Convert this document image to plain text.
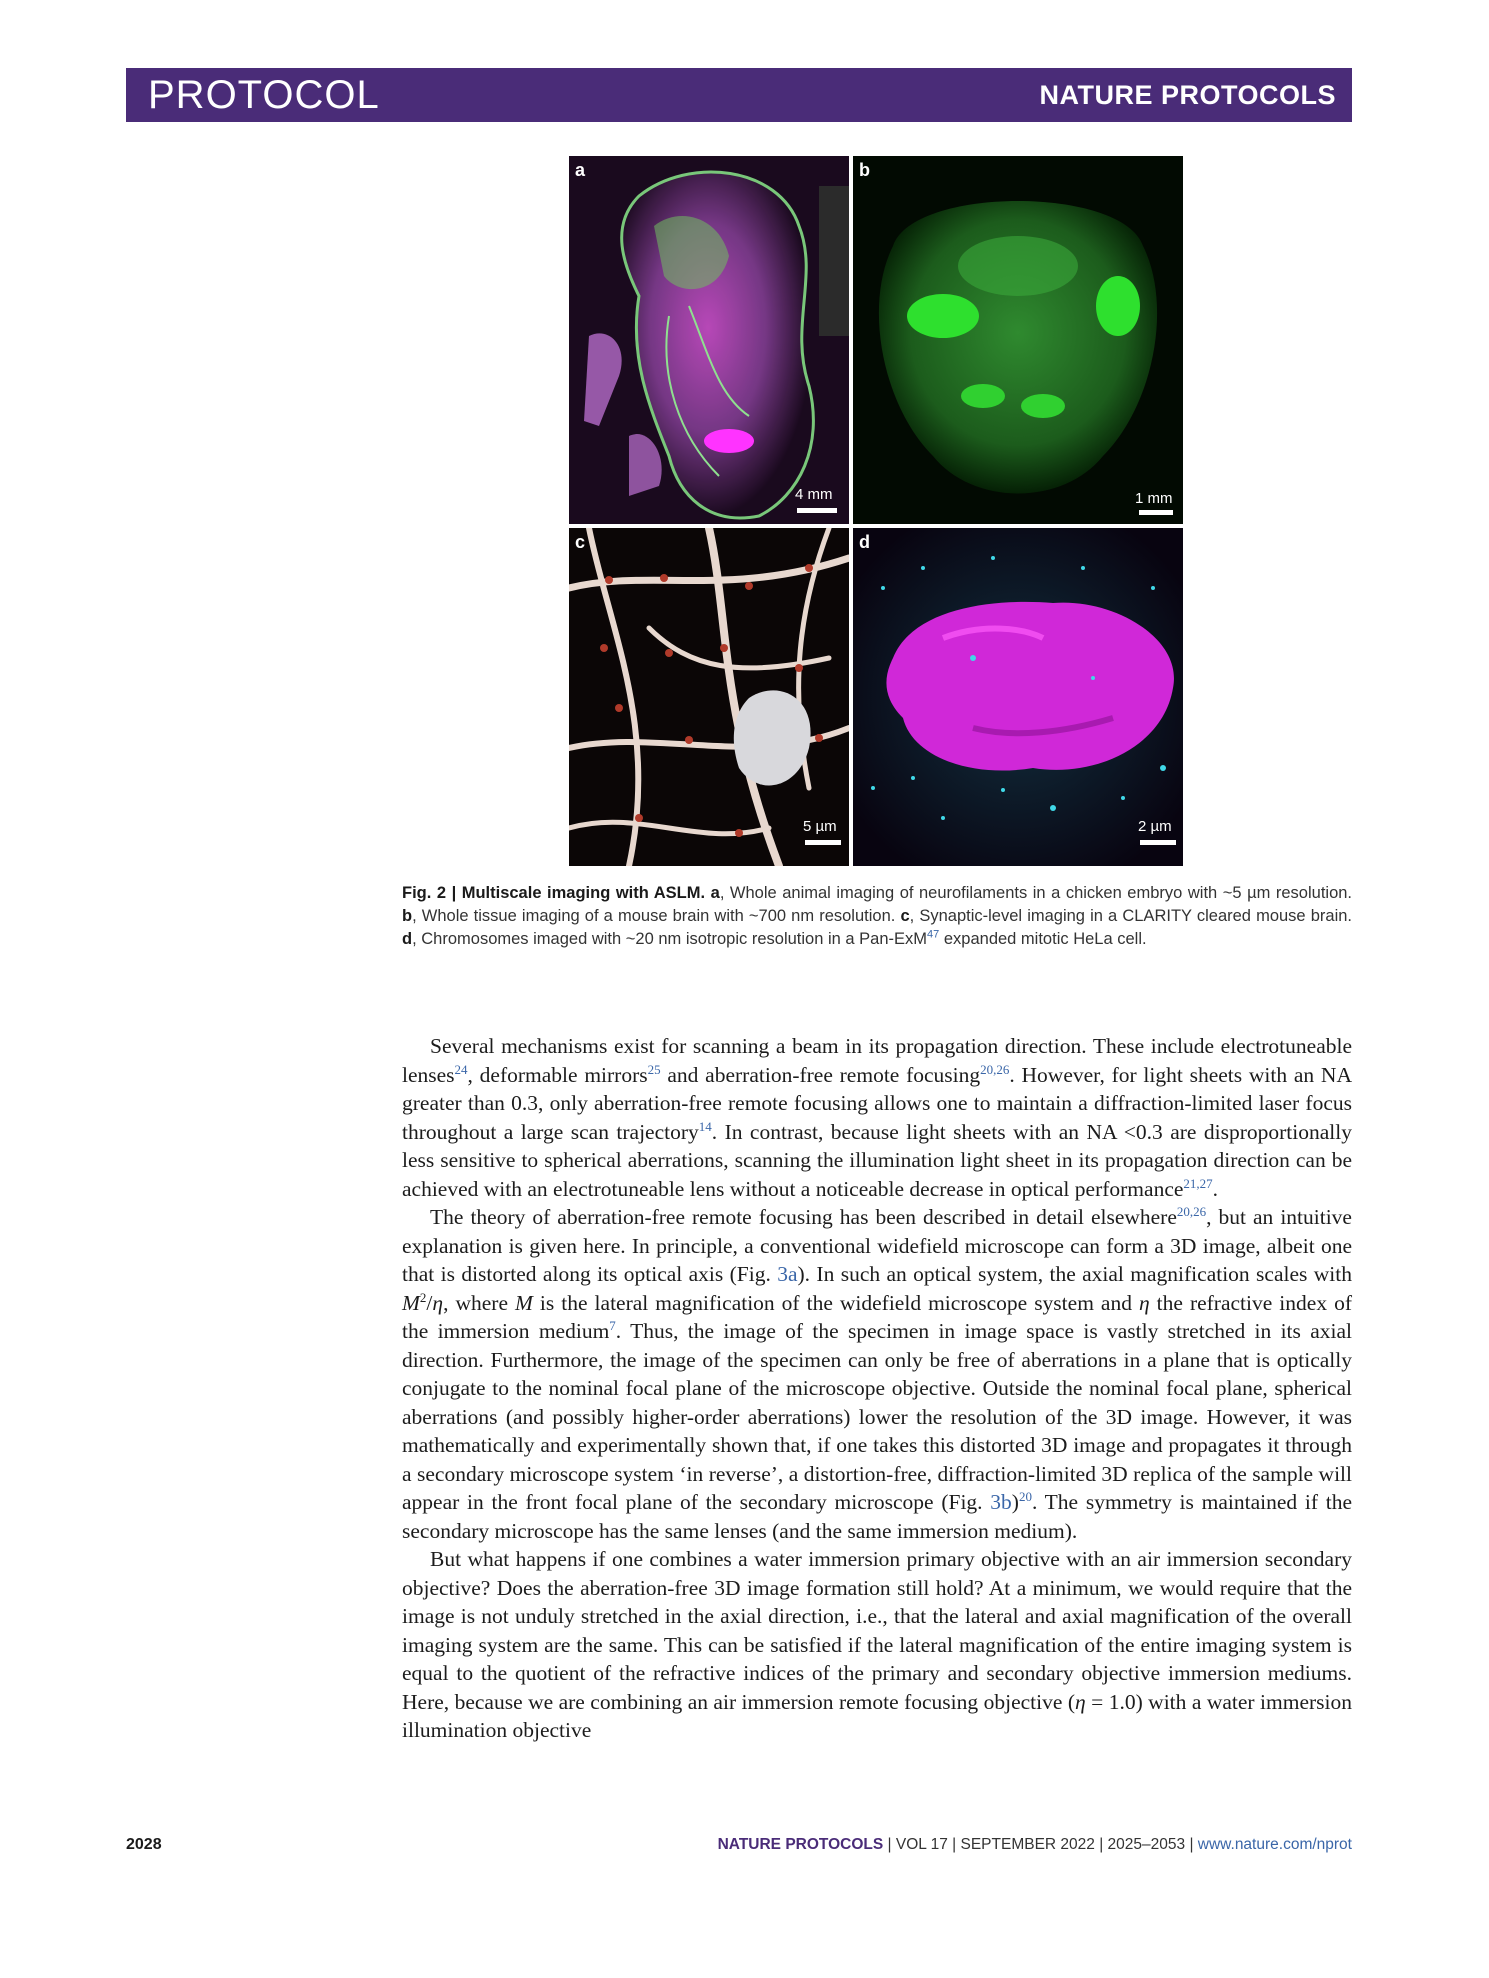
PROTOCOL	NATURE PROTOCOLS
a
4 mm
b
1 mm
c
5 µm
d
2 µm
Fig. 2 | Multiscale imaging with ASLM. a, Whole animal imaging of neurofilaments in a chicken embryo with ~5 µm resolution. b, Whole tissue imaging of a mouse brain with ~700 nm resolution. c, Synaptic-level imaging in a CLARITY cleared mouse brain. d, Chromosomes imaged with ~20 nm isotropic resolution in a Pan-ExM$^{47}$ expanded mitotic HeLa cell.

Several mechanisms exist for scanning a beam in its propagation direction. These include electrotuneable lenses$^{24}$, deformable mirrors$^{25}$ and aberration-free remote focusing$^{20,26}$. However, for light sheets with an NA greater than 0.3, only aberration-free remote focusing allows one to maintain a diffraction-limited laser focus throughout a large scan trajectory$^{14}$. In contrast, because light sheets with an NA <0.3 are disproportionally less sensitive to spherical aberrations, scanning the illumination light sheet in its propagation direction can be achieved with an electrotuneable lens without a noticeable decrease in optical performance$^{21,27}$.

The theory of aberration-free remote focusing has been described in detail elsewhere$^{20,26}$, but an intuitive explanation is given here. In principle, a conventional widefield microscope can form a 3D image, albeit one that is distorted along its optical axis (Fig. 3a). In such an optical system, the axial magnification scales with $M^2/\eta$, where M is the lateral magnification of the widefield microscope system and η the refractive index of the immersion medium$^7$. Thus, the image of the specimen in image space is vastly stretched in its axial direction. Furthermore, the image of the specimen can only be free of aberrations in a plane that is optically conjugate to the nominal focal plane of the microscope objective. Outside the nominal focal plane, spherical aberrations (and possibly higher-order aberrations) lower the resolution of the 3D image. However, it was mathematically and experimentally shown that, if one takes this distorted 3D image and propagates it through a secondary microscope system ‘in reverse’, a distortion-free, diffraction-limited 3D replica of the sample will appear in the front focal plane of the secondary microscope (Fig. 3b)$^{20}$. The symmetry is maintained if the secondary microscope has the same lenses (and the same immersion medium).

But what happens if one combines a water immersion primary objective with an air immersion secondary objective? Does the aberration-free 3D image formation still hold? At a minimum, we would require that the image is not unduly stretched in the axial direction, i.e., that the lateral and axial magnification of the overall imaging system are the same. This can be satisfied if the lateral magnification of the entire imaging system is equal to the quotient of the refractive indices of the primary and secondary objective immersion mediums. Here, because we are combining an air immersion remote focusing objective (η = 1.0) with a water immersion illumination objective

2028	NATURE PROTOCOLS | VOL 17 | SEPTEMBER 2022 | 2025–2053 | www.nature.com/nprot
